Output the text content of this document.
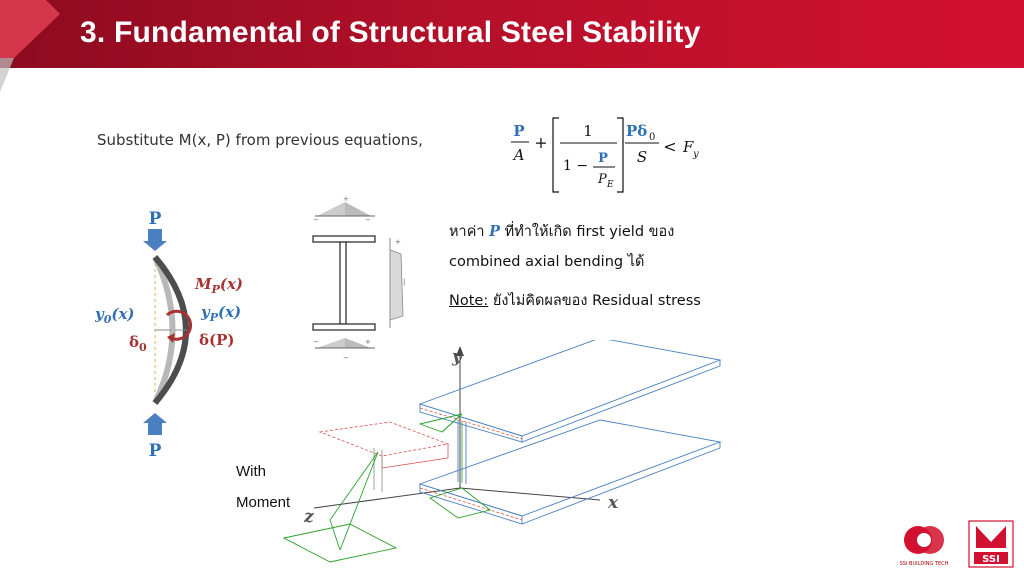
3. Fundamental of Structural Steel Stability
Substitute M(x, P) from previous equations,	P
A
+
1
1 − P
P E
Pδ 0
S
< F y
หาค่า P ที่ทำให้เกิด first yield ของ
combined axial bending ได้
Note: ยังไม่คิดผลของ Residual stress
P
$M_P(x)$
$y_0(x)$	$y_P(x)$
$\delta_0$	δ(P)
P
+
−	−
+
|
−	+
−	y
x
z
With
Moment
SSI BUILDING TECH	SSI
